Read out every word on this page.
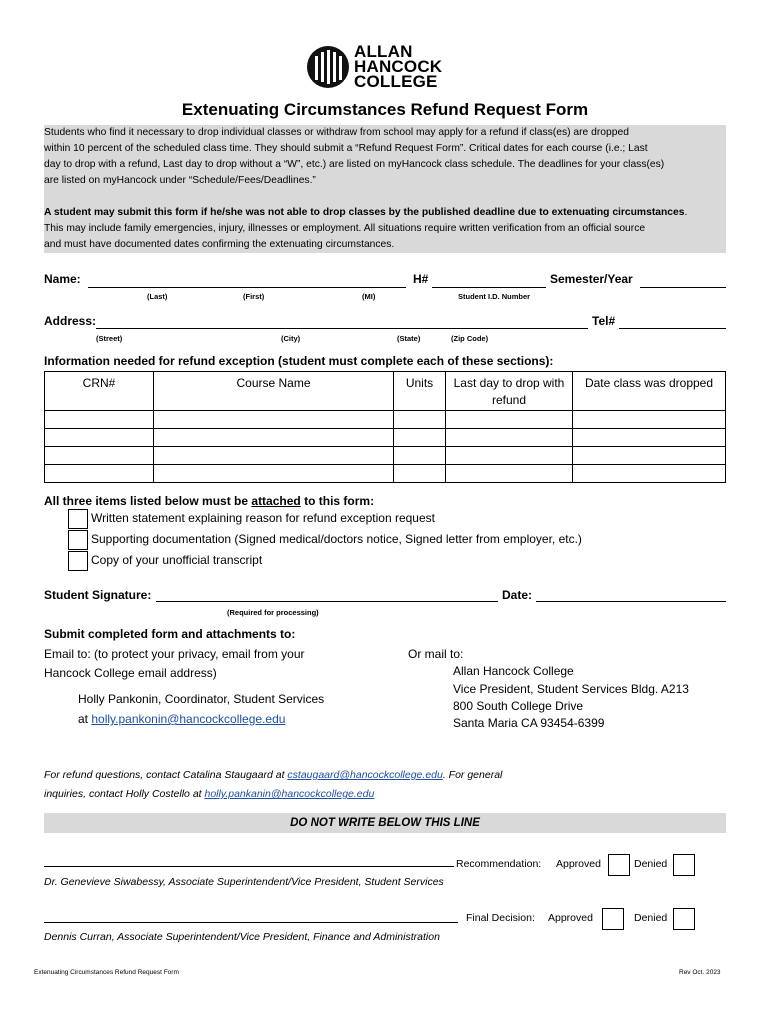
ALLAN
HANCOCK
COLLEGE
Extenuating Circumstances Refund Request Form

Students who find it necessary to drop individual classes or withdraw from school may apply for a refund if class(es) are dropped

within 10 percent of the scheduled class time. They should submit a “Refund Request Form”. Critical dates for each course (i.e.; Last

day to drop with a refund, Last day to drop without a “W”, etc.) are listed on myHancock class schedule. The deadlines for your class(es)

are listed on myHancock under “Schedule/Fees/Deadlines.”

A student may submit this form if he/she was not able to drop classes by the published deadline due to extenuating circumstances.

This may include family emergencies, injury, illnesses or employment. All situations require written verification from an official source

and must have documented dates confirming the extenuating circumstances.

Name:	H#	Semester/Year
(Last)	(First)	(MI)	Student I.D. Number
Address:	Tel#
(Street)	(City)	(State)	(Zip Code)
Information needed for refund exception (student must complete each of these sections):
CRN#	Course Name	Units	Last day to drop with refund	Date class was dropped

All three items listed below must be attached to this form:
Written statement explaining reason for refund exception request
Supporting documentation (Signed medical/doctors notice, Signed letter from employer, etc.)
Copy of your unofficial transcript
Student Signature:	Date:
(Required for processing)
Submit completed form and attachments to:
Email to: (to protect your privacy, email from your
Hancock College email address)
Holly Pankonin, Coordinator, Student Services
at holly.pankonin@hancockcollege.edu
Or mail to:
Allan Hancock College
Vice President, Student Services Bldg. A213
800 South College Drive
Santa Maria CA 93454-6399
For refund questions, contact Catalina Staugaard at cstaugaard@hancockcollege.edu. For general
inquiries, contact Holly Costello at holly.pankanin@hancockcollege.edu
DO NOT WRITE BELOW THIS LINE
Recommendation: Approved	Denied
Dr. Genevieve Siwabessy, Associate Superintendent/Vice President, Student Services
Final Decision: Approved	Denied
Dennis Curran, Associate Superintendent/Vice President, Finance and Administration
Extenuating Circumstances Refund Request Form	Rev Oct. 2023
